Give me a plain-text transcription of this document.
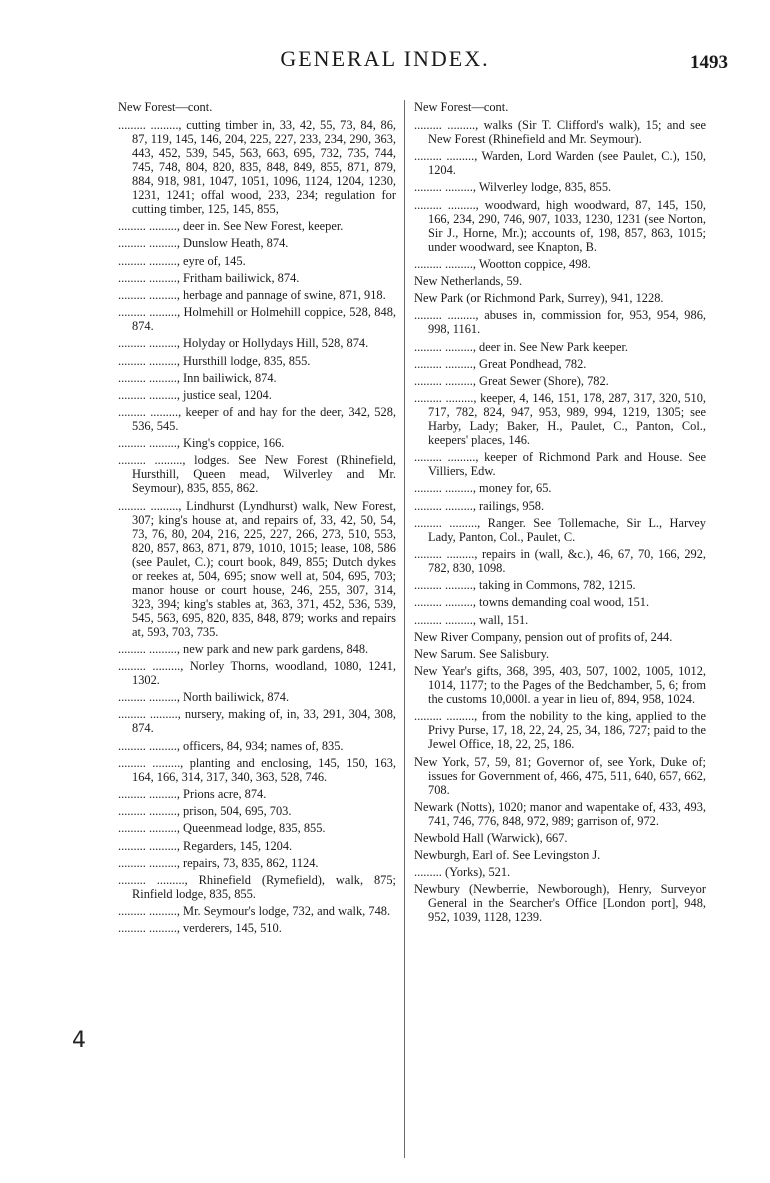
GENERAL INDEX.	1493

New Forest—cont.

......... ........., cutting timber in, 33, 42, 55, 73, 84, 86, 87, 119, 145, 146, 204, 225, 227, 233, 234, 290, 363, 443, 452, 539, 545, 563, 663, 695, 732, 735, 744, 745, 748, 804, 820, 835, 848, 849, 855, 871, 879, 884, 918, 981, 1047, 1051, 1096, 1124, 1204, 1230, 1231, 1241; offal wood, 233, 234; regulation for cutting timber, 125, 145, 855,

......... ........., deer in. See New Forest, keeper.

......... ........., Dunslow Heath, 874.

......... ........., eyre of, 145.

......... ........., Fritham bailiwick, 874.

......... ........., herbage and pannage of swine, 871, 918.

......... ........., Holmehill or Holmehill coppice, 528, 848, 874.

......... ........., Holyday or Hollydays Hill, 528, 874.

......... ........., Hursthill lodge, 835, 855.

......... ........., Inn bailiwick, 874.

......... ........., justice seal, 1204.

......... ........., keeper of and hay for the deer, 342, 528, 536, 545.

......... ........., King's coppice, 166.

......... ........., lodges. See New Forest (Rhinefield, Hursthill, Queen mead, Wilverley and Mr. Seymour), 835, 855, 862.

......... ........., Lindhurst (Lyndhurst) walk, New Forest, 307; king's house at, and repairs of, 33, 42, 50, 54, 73, 76, 80, 204, 216, 225, 227, 266, 273, 510, 553, 820, 857, 863, 871, 879, 1010, 1015; lease, 108, 586 (see Paulet, C.); court book, 849, 855; Dutch dykes or reekes at, 504, 695; snow well at, 504, 695, 703; manor house or court house, 246, 255, 307, 314, 323, 394; king's stables at, 363, 371, 452, 536, 539, 545, 563, 695, 820, 835, 848, 879; works and repairs at, 593, 703, 735.

......... ........., new park and new park gardens, 848.

......... ........., Norley Thorns, woodland, 1080, 1241, 1302.

......... ........., North bailiwick, 874.

......... ........., nursery, making of, in, 33, 291, 304, 308, 874.

......... ........., officers, 84, 934; names of, 835.

......... ........., planting and enclosing, 145, 150, 163, 164, 166, 314, 317, 340, 363, 528, 746.

......... ........., Prions acre, 874.

......... ........., prison, 504, 695, 703.

......... ........., Queenmead lodge, 835, 855.

......... ........., Regarders, 145, 1204.

......... ........., repairs, 73, 835, 862, 1124.

......... ........., Rhinefield (Rymefield), walk, 875; Rinfield lodge, 835, 855.

......... ........., Mr. Seymour's lodge, 732, and walk, 748.

......... ........., verderers, 145, 510.

New Forest—cont.

......... ........., walks (Sir T. Clifford's walk), 15; and see New Forest (Rhinefield and Mr. Seymour).

......... ........., Warden, Lord Warden (see Paulet, C.), 150, 1204.

......... ........., Wilverley lodge, 835, 855.

......... ........., woodward, high woodward, 87, 145, 150, 166, 234, 290, 746, 907, 1033, 1230, 1231 (see Norton, Sir J., Horne, Mr.); accounts of, 198, 857, 863, 1015; under woodward, see Knapton, B.

......... ........., Wootton coppice, 498.

New Netherlands, 59.

New Park (or Richmond Park, Surrey), 941, 1228.

......... ........., abuses in, commission for, 953, 954, 986, 998, 1161.

......... ........., deer in. See New Park keeper.

......... ........., Great Pondhead, 782.

......... ........., Great Sewer (Shore), 782.

......... ........., keeper, 4, 146, 151, 178, 287, 317, 320, 510, 717, 782, 824, 947, 953, 989, 994, 1219, 1305; see Harby, Lady; Baker, H., Paulet, C., Panton, Col., keepers' places, 146.

......... ........., keeper of Richmond Park and House. See Villiers, Edw.

......... ........., money for, 65.

......... ........., railings, 958.

......... ........., Ranger. See Tollemache, Sir L., Harvey Lady, Panton, Col., Paulet, C.

......... ........., repairs in (wall, &c.), 46, 67, 70, 166, 292, 782, 830, 1098.

......... ........., taking in Commons, 782, 1215.

......... ........., towns demanding coal wood, 151.

......... ........., wall, 151.

New River Company, pension out of profits of, 244.

New Sarum. See Salisbury.

New Year's gifts, 368, 395, 403, 507, 1002, 1005, 1012, 1014, 1177; to the Pages of the Bedchamber, 5, 6; from the customs 10,000l. a year in lieu of, 894, 958, 1024.

......... ........., from the nobility to the king, applied to the Privy Purse, 17, 18, 22, 24, 25, 34, 186, 727; paid to the Jewel Office, 18, 22, 25, 186.

New York, 57, 59, 81; Governor of, see York, Duke of; issues for Government of, 466, 475, 511, 640, 657, 662, 708.

Newark (Notts), 1020; manor and wapentake of, 433, 493, 741, 746, 776, 848, 972, 989; garrison of, 972.

Newbold Hall (Warwick), 667.

Newburgh, Earl of. See Levingston J.

......... (Yorks), 521.

Newbury (Newberrie, Newborough), Henry, Surveyor General in the Searcher's Office [London port], 948, 952, 1039, 1128, 1239.

4
